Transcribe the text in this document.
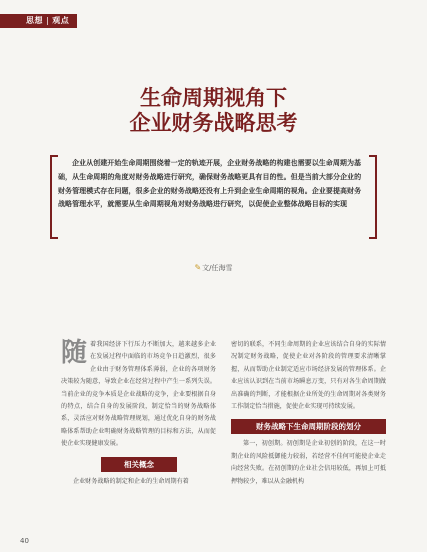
思想 | 观点
生命周期视角下
企业财务战略思考
企业从创建开始生命周期围绕着一定的轨迹开展，企业财务战略的构建也需要以生命周期为基础，从生命周期的角度对财务战略进行研究，确保财务战略更具有目的性。但是当前大部分企业的财务管理模式存在问题，很多企业的财务战略还没有上升到企业生命周期的视角。企业要提高财务战略管理水平，就需要从生命周期视角对财务战略进行研究，以促使企业整体战略目标的实现
✎文/任海雪

随着我国经济下行压力不断加大，越来越多企业在发展过程中面临的市场竞争日趋激烈，很多企业由于财务管理体系薄弱，企业的各项财务决策较为随意，导致企业在经营过程中产生一系列失误。当前企业的竞争本质是企业战略的竞争，企业要根据自身的特点，结合自身的发展阶段，制定恰当的财务战略体系，灵活应对财务战略管理规划，通过优化自身的财务战略体系帮助企业明确财务战略管理的目标和方法，从而促使企业实现健康发展。

相关概念

企业财务战略的制定和企业的生命周期有着

密切的联系，不同生命周期的企业应该结合自身的实际情况制定财务战略，促使企业对各阶段的管理要求清晰掌握，从而帮助企业制定适应市场经济发展的管理体系。企业应该认识到在当前市场瞬息万变，只有对各生命周期做出准确的判断，才能根据企业所处的生命周期对各类财务工作制定恰当措施，促使企业实现可持续发展。

财务战略下生命周期阶段的划分

第一，初创期。初创期是企业初创的阶段，在这一时期企业的风险抵御能力较弱，若经营不佳何可能使企业走向经营失败。在初创期的企业社会信用较低，再加上可抵押物较少，难以从金融机构

40
